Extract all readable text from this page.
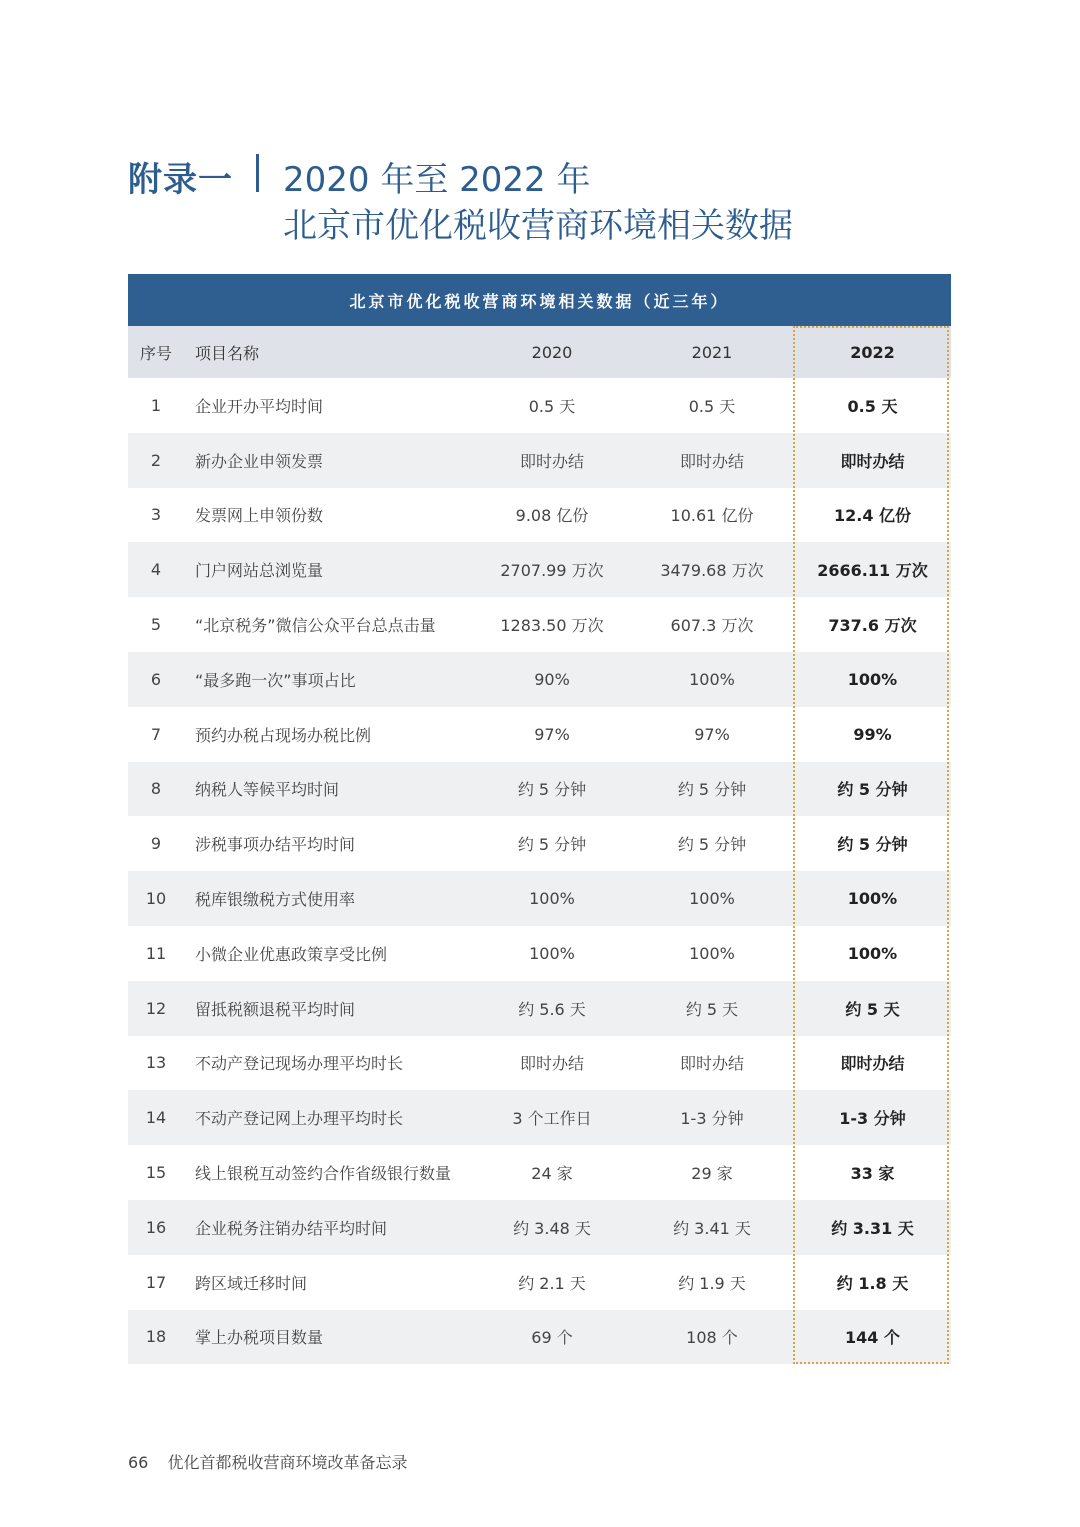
附录一 2020 年至 2022 年
北京市优化税收营商环境相关数据
北京市优化税收营商环境相关数据（近三年）
序号	项目名称	2020	2021	2022
1	企业开办平均时间	0.5 天	0.5 天	0.5 天
2	新办企业申领发票	即时办结	即时办结	即时办结
3	发票网上申领份数	9.08 亿份	10.61 亿份	12.4 亿份
4	门户网站总浏览量	2707.99 万次	3479.68 万次	2666.11 万次
5	“北京税务”微信公众平台总点击量	1283.50 万次	607.3 万次	737.6 万次
6	“最多跑一次”事项占比	90%	100%	100%
7	预约办税占现场办税比例	97%	97%	99%
8	纳税人等候平均时间	约 5 分钟	约 5 分钟	约 5 分钟
9	涉税事项办结平均时间	约 5 分钟	约 5 分钟	约 5 分钟
10	税库银缴税方式使用率	100%	100%	100%
11	小微企业优惠政策享受比例	100%	100%	100%
12	留抵税额退税平均时间	约 5.6 天	约 5 天	约 5 天
13	不动产登记现场办理平均时长	即时办结	即时办结	即时办结
14	不动产登记网上办理平均时长	3 个工作日	1-3 分钟	1-3 分钟
15	线上银税互动签约合作省级银行数量	24 家	29 家	33 家
16	企业税务注销办结平均时间	约 3.48 天	约 3.41 天	约 3.31 天
17	跨区域迁移时间	约 2.1 天	约 1.9 天	约 1.8 天
18	掌上办税项目数量	69 个	108 个	144 个
66 优化首都税收营商环境改革备忘录
